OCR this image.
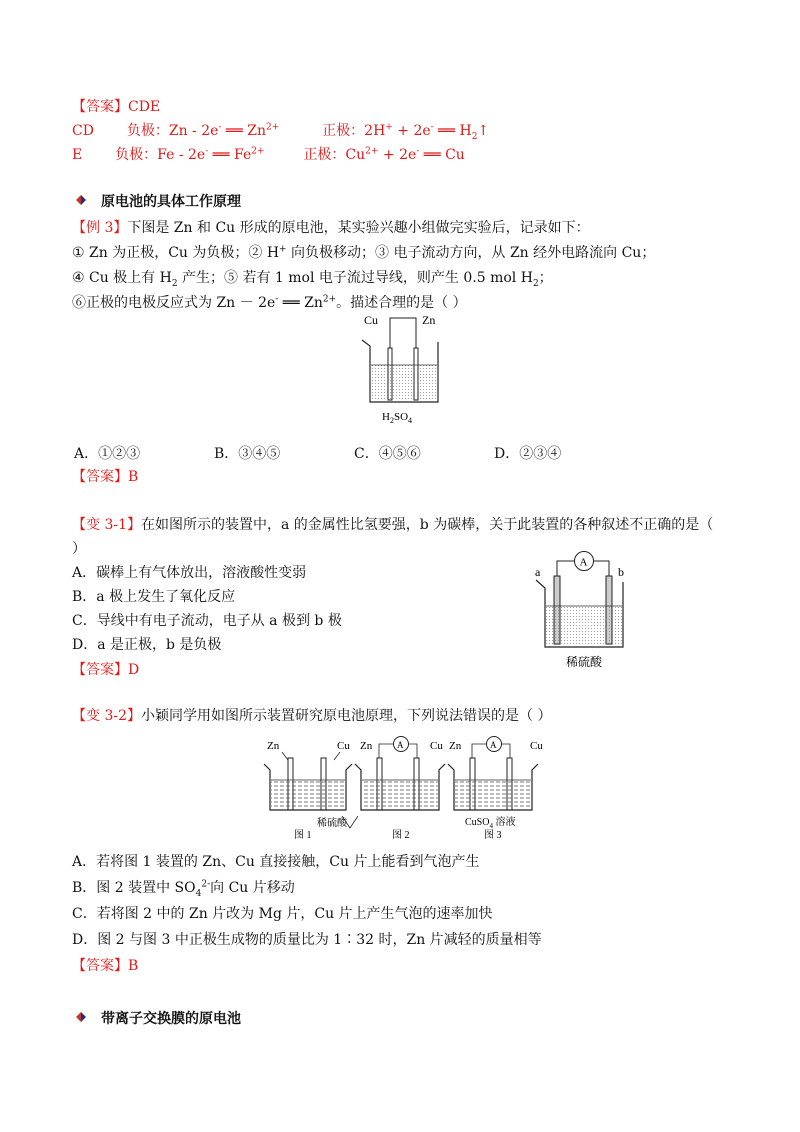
【答案】CDE
CD 负极：Zn - 2e- ══ $Zn^{2+}$	正极：2H+ + 2e- ══ $H_2↑$
E 负极：Fe - 2e- ══ $Fe^{2+}$	正极：$Cu^{2+} + 2e^-$ ══ Cu
原电池的具体工作原理
【例 3】下图是 Zn 和 Cu 形成的原电池，某实验兴趣小组做完实验后，记录如下：
① Zn 为正极，Cu 为负极；② H+ 向负极移动；③ 电子流动方向，从 Zn 经外电路流向 Cu；
④ Cu 极上有 $H_2$ 产生；⑤ 若有 1 mol 电子流过导线，则产生 0.5 mol $H_2$；
⑥正极的电极反应式为 Zn － 2e- ══ $Zn^{2+}$。描述合理的是（ ）
Cu	Zn
$H_2SO_4$
A．①②③	B．③④⑤	C．④⑤⑥	D．②③④
【答案】B
【变 3-1】在如图所示的装置中，a 的金属性比氢要强，b 为碳棒，关于此装置的各种叙述不正确的是（
）
A．碳棒上有气体放出，溶液酸性变弱
B．a 极上发生了氧化反应
C．导线中有电子流动，电子从 a 极到 b 极
D．a 是正极，b 是负极
【答案】D
a	b
A
稀硫酸
【变 3-2】小颖同学用如图所示装置研究原电池原理，下列说法错误的是（ ）
Zn	Cu
图 1
Zn	Cu
A
稀硫酸
图 2
Zn	Cu
A
CuSO$_4$ 溶液
图 3
A．若将图 1 装置的 Zn、Cu 直接接触，Cu 片上能看到气泡产生
B．图 2 装置中 $SO_4^{2-}$向 Cu 片移动
C．若将图 2 中的 Zn 片改为 Mg 片，Cu 片上产生气泡的速率加快
D．图 2 与图 3 中正极生成物的质量比为 1∶32 时，Zn 片减轻的质量相等
【答案】B
带离子交换膜的原电池
